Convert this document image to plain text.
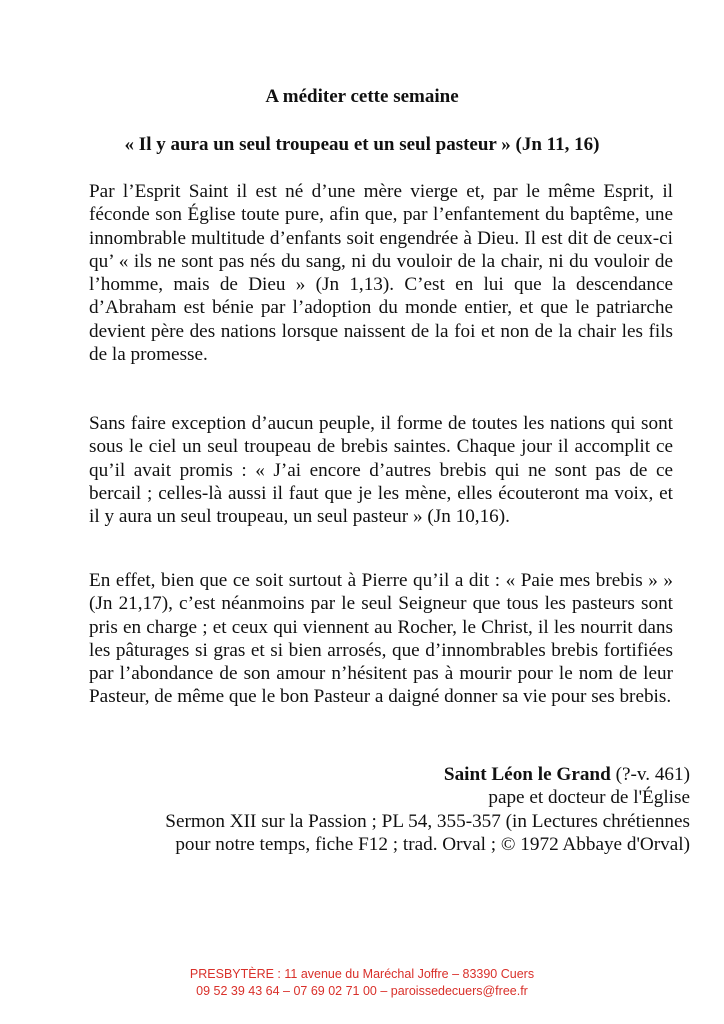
A méditer cette semaine
« Il y aura un seul troupeau et un seul pasteur » (Jn 11, 16)

Par l’Esprit Saint il est né d’une mère vierge et, par le même Esprit, il féconde son Église toute pure, afin que, par l’enfantement du baptême, une innombrable multitude d’enfants soit engendrée à Dieu. Il est dit de ceux-ci qu’ « ils ne sont pas nés du sang, ni du vouloir de la chair, ni du vouloir de l’homme, mais de Dieu » (Jn 1,13). C’est en lui que la descendance d’Abraham est bénie par l’adoption du monde entier, et que le patriarche devient père des nations lorsque naissent de la foi et non de la chair les fils de la promesse.

Sans faire exception d’aucun peuple, il forme de toutes les nations qui sont sous le ciel un seul troupeau de brebis saintes. Chaque jour il accomplit ce qu’il avait promis : « J’ai encore d’autres brebis qui ne sont pas de ce bercail ; celles-là aussi il faut que je les mène, elles écouteront ma voix, et il y aura un seul troupeau, un seul pasteur » (Jn 10,16).

En effet, bien que ce soit surtout à Pierre qu’il a dit : « Paie mes brebis » » (Jn 21,17), c’est néanmoins par le seul Seigneur que tous les pasteurs sont pris en charge ; et ceux qui viennent au Rocher, le Christ, il les nourrit dans les pâturages si gras et si bien arrosés, que d’innombrables brebis fortifiées par l’abondance de son amour n’hésitent pas à mourir pour le nom de leur Pasteur, de même que le bon Pasteur a daigné donner sa vie pour ses brebis.

Saint Léon le Grand (?-v. 461)
pape et docteur de l'Église
Sermon XII sur la Passion ; PL 54, 355-357 (in Lectures chrétiennes
pour notre temps, fiche F12 ; trad. Orval ; © 1972 Abbaye d'Orval)
PRESBYTÈRE : 11 avenue du Maréchal Joffre – 83390 Cuers
09 52 39 43 64 – 07 69 02 71 00 – paroissedecuers@free.fr
